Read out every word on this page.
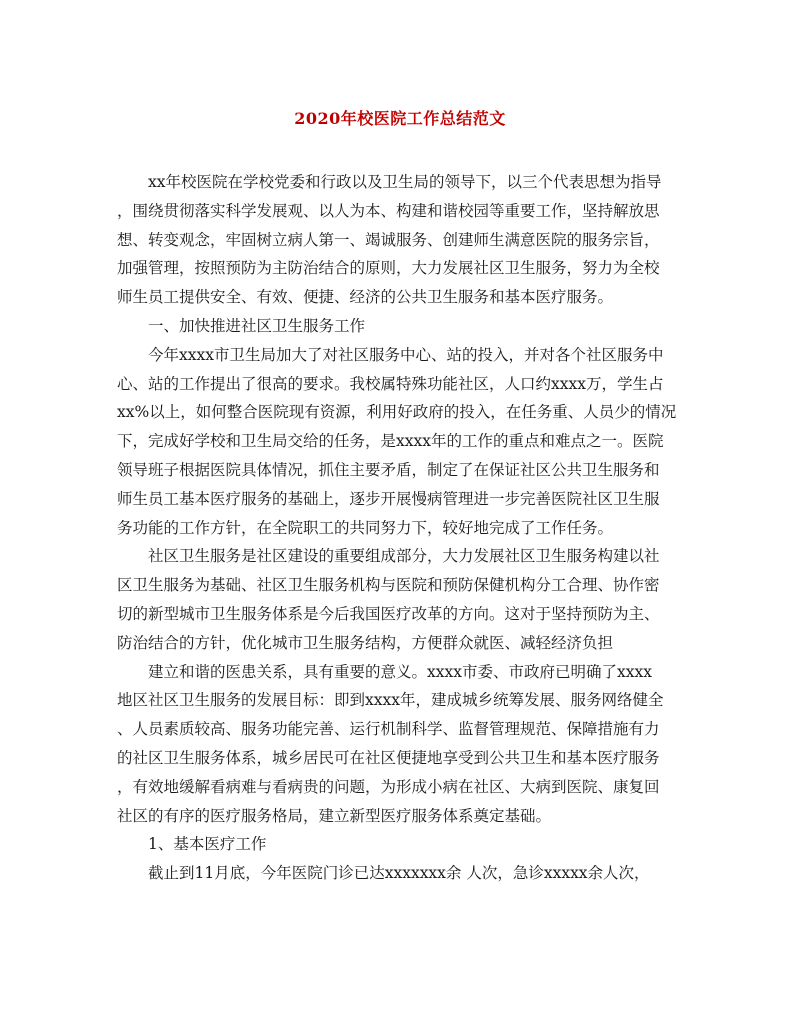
2020年校医院工作总结范文
xx年校医院在学校党委和行政以及卫生局的领导下，以三个代表思想为指导
，围绕贯彻落实科学发展观、以人为本、构建和谐校园等重要工作，坚持解放思
想、转变观念，牢固树立病人第一、竭诚服务、创建师生满意医院的服务宗旨，
加强管理，按照预防为主防治结合的原则，大力发展社区卫生服务，努力为全校
师生员工提供安全、有效、便捷、经济的公共卫生服务和基本医疗服务。
一、加快推进社区卫生服务工作
今年xxxx市卫生局加大了对社区服务中心、站的投入，并对各个社区服务中
心、站的工作提出了很高的要求。我校属特殊功能社区，人口约xxxx万，学生占
xx%以上，如何整合医院现有资源，利用好政府的投入，在任务重、人员少的情况
下，完成好学校和卫生局交给的任务，是xxxx年的工作的重点和难点之一。医院
领导班子根据医院具体情况，抓住主要矛盾，制定了在保证社区公共卫生服务和
师生员工基本医疗服务的基础上，逐步开展慢病管理进一步完善医院社区卫生服
务功能的工作方针，在全院职工的共同努力下，较好地完成了工作任务。
社区卫生服务是社区建设的重要组成部分，大力发展社区卫生服务构建以社
区卫生服务为基础、社区卫生服务机构与医院和预防保健机构分工合理、协作密
切的新型城市卫生服务体系是今后我国医疗改革的方向。这对于坚持预防为主、
防治结合的方针，优化城市卫生服务结构，方便群众就医、减轻经济负担
建立和谐的医患关系，具有重要的意义。xxxx市委、市政府已明确了xxxx
地区社区卫生服务的发展目标：即到xxxx年，建成城乡统筹发展、服务网络健全
、人员素质较高、服务功能完善、运行机制科学、监督管理规范、保障措施有力
的社区卫生服务体系，城乡居民可在社区便捷地享受到公共卫生和基本医疗服务
，有效地缓解看病难与看病贵的问题，为形成小病在社区、大病到医院、康复回
社区的有序的医疗服务格局，建立新型医疗服务体系奠定基础。
1、基本医疗工作
截止到11月底，今年医院门诊已达xxxxxxx余 人次，急诊xxxxx余人次，
